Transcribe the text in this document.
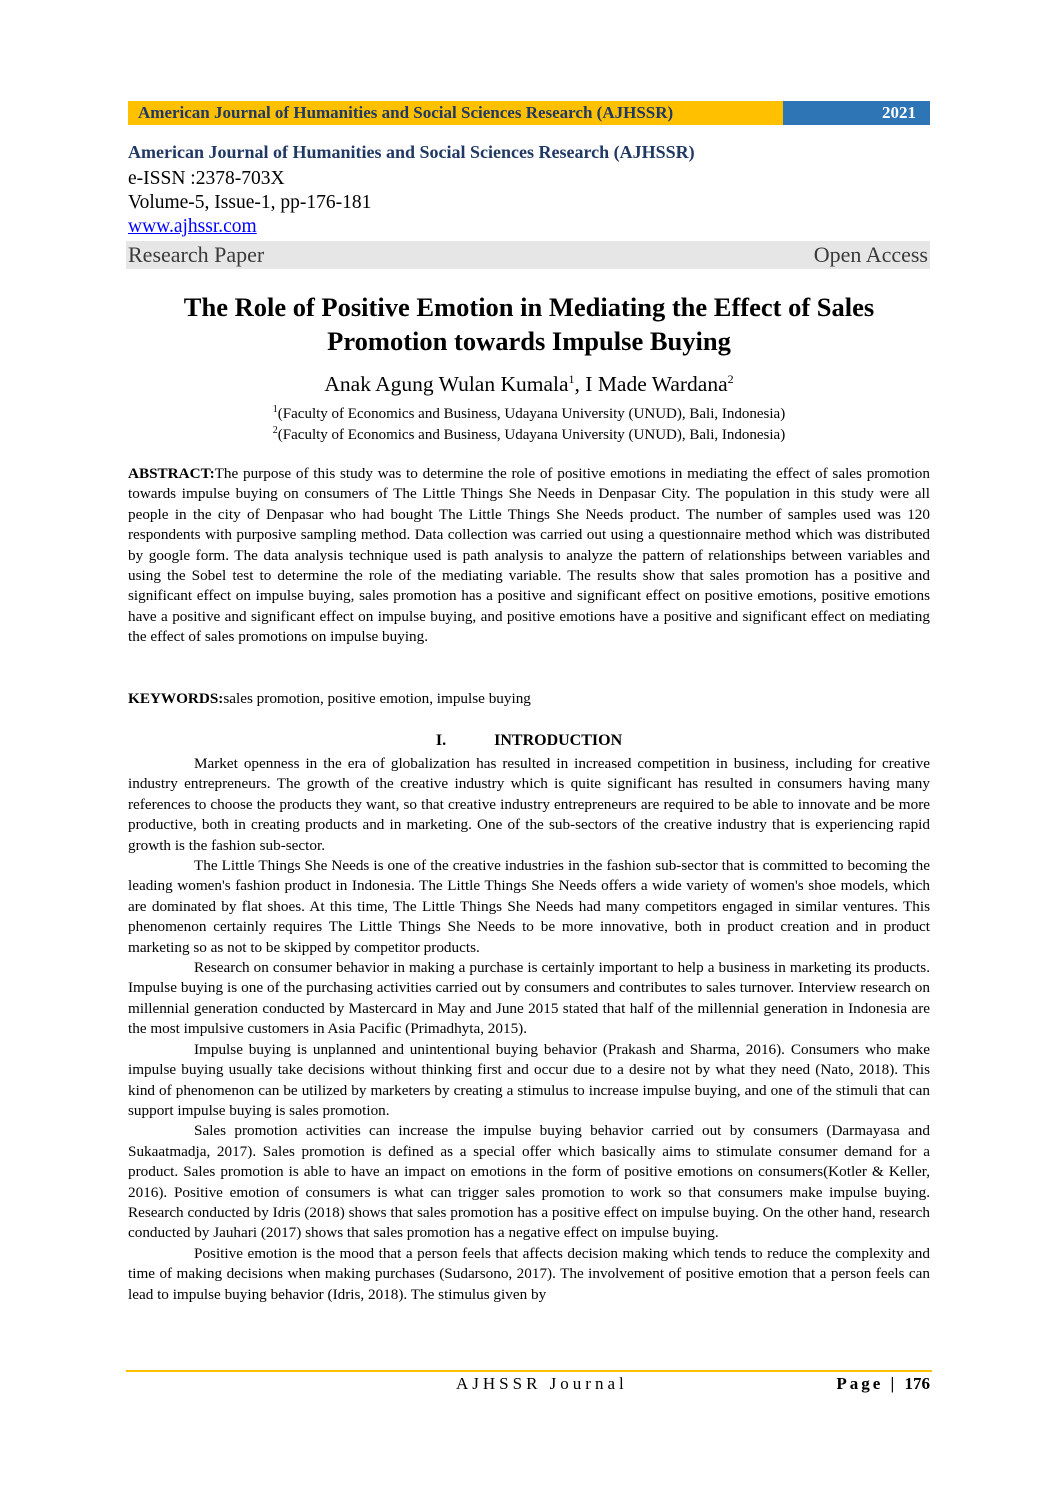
American Journal of Humanities and Social Sciences Research (AJHSSR)	2021
American Journal of Humanities and Social Sciences Research (AJHSSR)
e-ISSN :2378-703X
Volume-5, Issue-1, pp-176-181
www.ajhssr.com
Research Paper	Open Access
The Role of Positive Emotion in Mediating the Effect of Sales
Promotion towards Impulse Buying
Anak Agung Wulan Kumala$^1$, I Made Wardana$^2$
$^1$(Faculty of Economics and Business, Udayana University (UNUD), Bali, Indonesia)
$^2$(Faculty of Economics and Business, Udayana University (UNUD), Bali, Indonesia)
ABSTRACT:The purpose of this study was to determine the role of positive emotions in mediating the effect of sales promotion towards impulse buying on consumers of The Little Things She Needs in Denpasar City. The population in this study were all people in the city of Denpasar who had bought The Little Things She Needs product. The number of samples used was 120 respondents with purposive sampling method. Data collection was carried out using a questionnaire method which was distributed by google form. The data analysis technique used is path analysis to analyze the pattern of relationships between variables and using the Sobel test to determine the role of the mediating variable. The results show that sales promotion has a positive and significant effect on impulse buying, sales promotion has a positive and significant effect on positive emotions, positive emotions have a positive and significant effect on impulse buying, and positive emotions have a positive and significant effect on mediating the effect of sales promotions on impulse buying.
KEYWORDS:sales promotion, positive emotion, impulse buying
I.	INTRODUCTION

Market openness in the era of globalization has resulted in increased competition in business, including for creative industry entrepreneurs. The growth of the creative industry which is quite significant has resulted in consumers having many references to choose the products they want, so that creative industry entrepreneurs are required to be able to innovate and be more productive, both in creating products and in marketing. One of the sub-sectors of the creative industry that is experiencing rapid growth is the fashion sub-sector.

The Little Things She Needs is one of the creative industries in the fashion sub-sector that is committed to becoming the leading women's fashion product in Indonesia. The Little Things She Needs offers a wide variety of women's shoe models, which are dominated by flat shoes. At this time, The Little Things She Needs had many competitors engaged in similar ventures. This phenomenon certainly requires The Little Things She Needs to be more innovative, both in product creation and in product marketing so as not to be skipped by competitor products.

Research on consumer behavior in making a purchase is certainly important to help a business in marketing its products. Impulse buying is one of the purchasing activities carried out by consumers and contributes to sales turnover. Interview research on millennial generation conducted by Mastercard in May and June 2015 stated that half of the millennial generation in Indonesia are the most impulsive customers in Asia Pacific (Primadhyta, 2015).

Impulse buying is unplanned and unintentional buying behavior (Prakash and Sharma, 2016). Consumers who make impulse buying usually take decisions without thinking first and occur due to a desire not by what they need (Nato, 2018). This kind of phenomenon can be utilized by marketers by creating a stimulus to increase impulse buying, and one of the stimuli that can support impulse buying is sales promotion.

Sales promotion activities can increase the impulse buying behavior carried out by consumers (Darmayasa and Sukaatmadja, 2017). Sales promotion is defined as a special offer which basically aims to stimulate consumer demand for a product. Sales promotion is able to have an impact on emotions in the form of positive emotions on consumers(Kotler & Keller, 2016). Positive emotion of consumers is what can trigger sales promotion to work so that consumers make impulse buying. Research conducted by Idris (2018) shows that sales promotion has a positive effect on impulse buying. On the other hand, research conducted by Jauhari (2017) shows that sales promotion has a negative effect on impulse buying.

Positive emotion is the mood that a person feels that affects decision making which tends to reduce the complexity and time of making decisions when making purchases (Sudarsono, 2017). The involvement of positive emotion that a person feels can lead to impulse buying behavior (Idris, 2018). The stimulus given by

AJHSSR Journal	Page | 176
